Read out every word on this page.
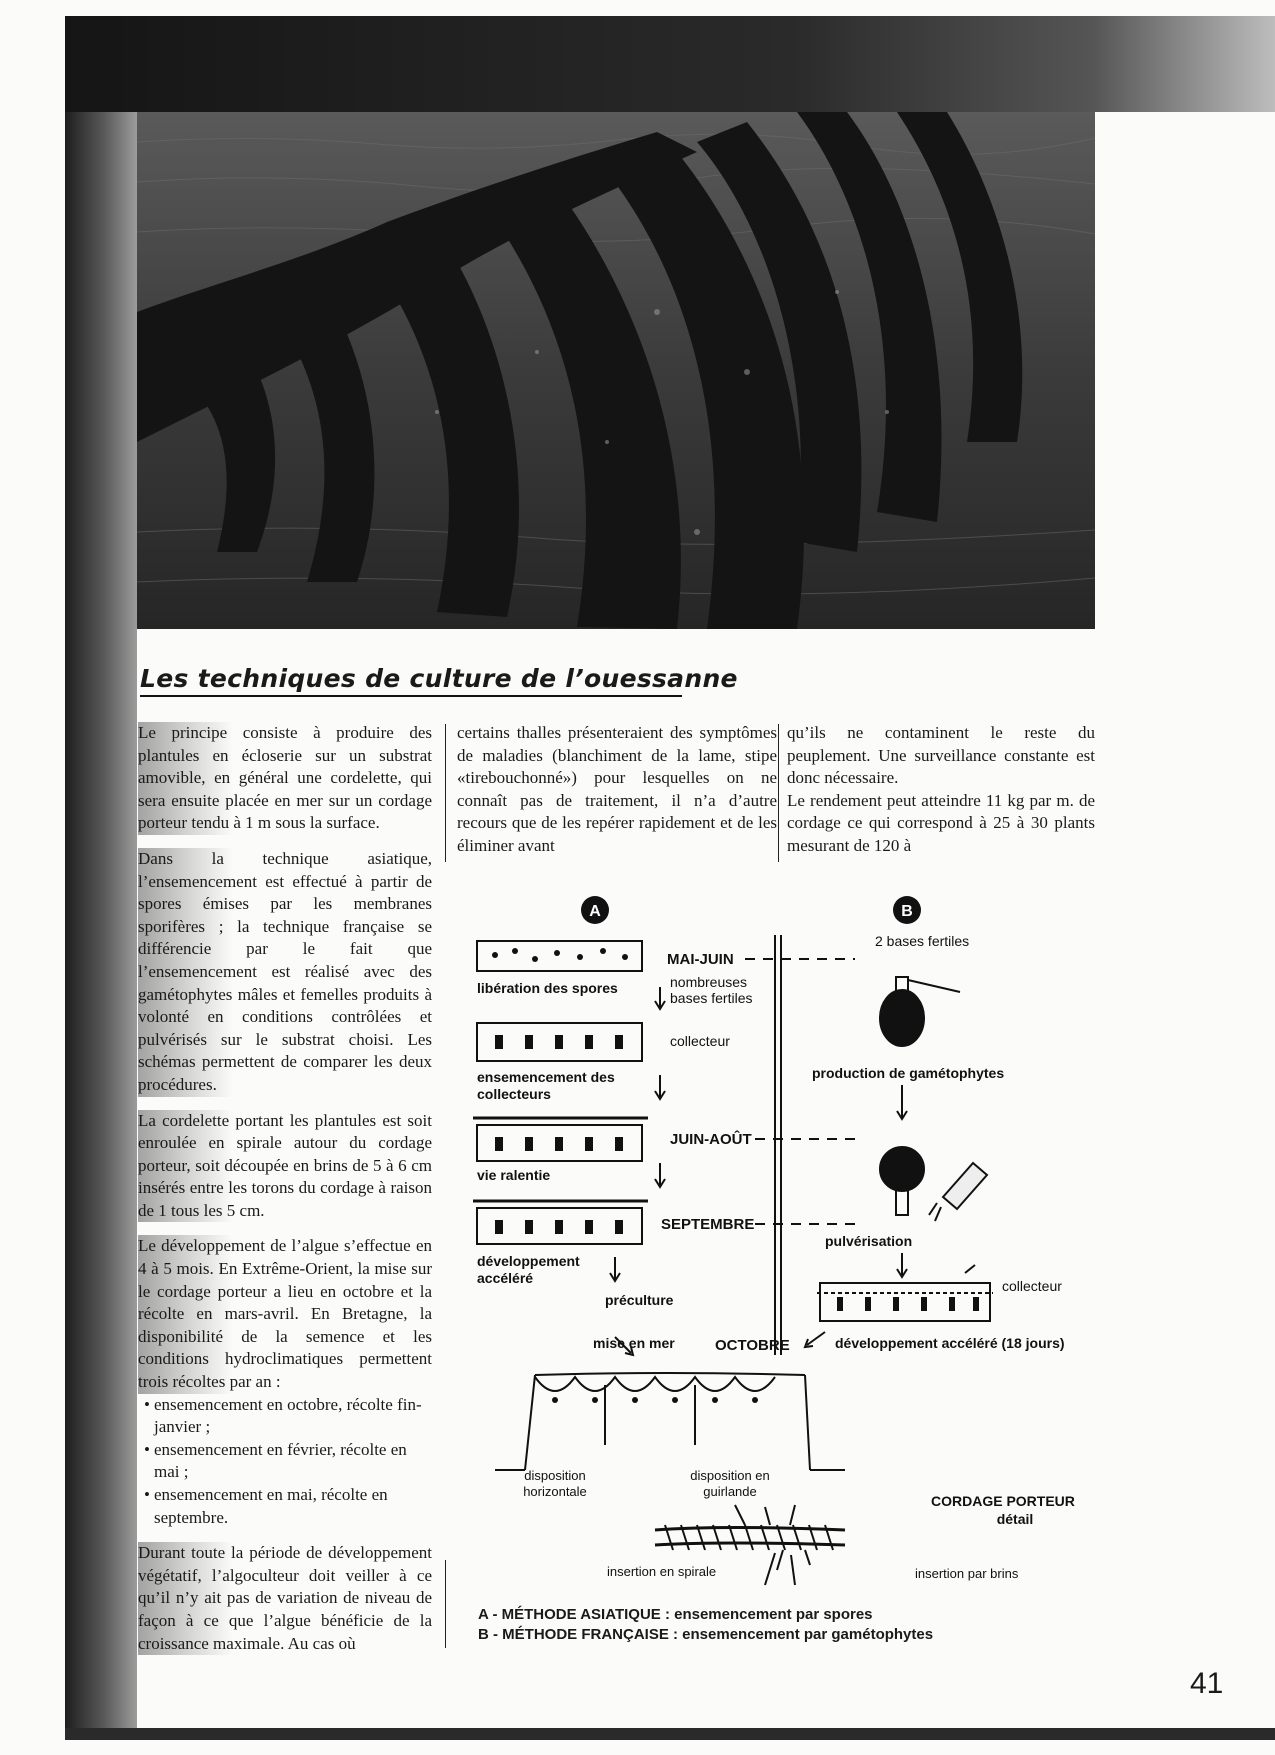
Les techniques de culture de l’ouessanne

Le principe consiste à produire des plantules en écloserie sur un substrat amovible, en général une cordelette, qui sera ensuite placée en mer sur un cordage porteur tendu à 1 m sous la surface.

Dans la technique asiatique, l’ensemencement est effectué à partir de spores émises par les membranes sporifères ; la technique française se différencie par le fait que l’ensemencement est réalisé avec des gamétophytes mâles et femelles produits à volonté en conditions contrôlées et pulvérisés sur le substrat choisi. Les schémas permettent de comparer les deux procédures.

La cordelette portant les plantules est soit enroulée en spirale autour du cordage porteur, soit découpée en brins de 5 à 6 cm insérés entre les torons du cordage à raison de 1 tous les 5 cm.

Le développement de l’algue s’effectue en 4 à 5 mois. En Extrême-Orient, la mise sur le cordage porteur a lieu en octobre et la récolte en mars-avril. En Bretagne, la disponibilité de la semence et les conditions hydroclimatiques permettent trois récoltes par an :

• ensemencement en octobre, récolte fin-janvier ;
• ensemencement en février, récolte en mai ;
• ensemencement en mai, récolte en septembre.

Durant toute la période de développement végétatif, l’algoculteur doit veiller à ce qu’il n’y ait pas de variation de niveau de façon à ce que l’algue bénéficie de la croissance maximale. Au cas où

certains thalles présenteraient des symptômes de maladies (blanchiment de la lame, stipe «tirebouchonné») pour lesquelles on ne connaît pas de traitement, il n’a d’autre recours que de les repérer rapidement et de les éliminer avant

qu’ils ne contaminent le reste du peuplement. Une surveillance constante est donc nécessaire.

Le rendement peut atteindre 11 kg par m. de cordage ce qui correspond à 25 à 30 plants mesurant de 120 à

A	B
2 bases fertiles
MAI-JUIN
libération des spores	nombreuses
bases fertiles
collecteur
ensemencement des
collecteurs
production de gamétophytes
JUIN-AOÛT
vie ralentie
SEPTEMBRE
pulvérisation
développement
accéléré	collecteur
préculture
mise en mer	OCTOBRE	développement accéléré (18 jours)
disposition
horizontale
disposition en
guirlande
CORDAGE PORTEUR
détail
insertion en spirale	insertion par brins
A - MÉTHODE ASIATIQUE : ensemencement par spores
B - MÉTHODE FRANÇAISE : ensemencement par gamétophytes
41
